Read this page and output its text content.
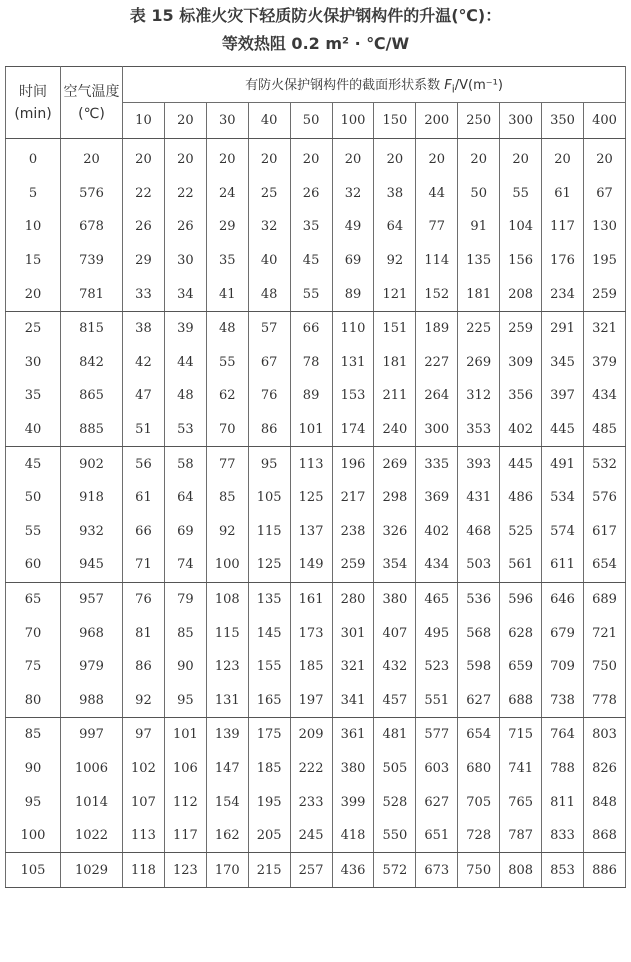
表 15 标准火灾下轻质防火保护钢构件的升温(℃)：
等效热阻 0.2 m² · ℃/W
时间(min)	空气温度(℃)	有防火保护钢构件的截面形状系数 $F_i/V(m^{-1})$											
		10	20	30	40	50	100	150	200	250	300	350	400
0	20	20	20	20	20	20	20	20	20	20	20	20	20
5	576	22	22	24	25	26	32	38	44	50	55	61	67
10	678	26	26	29	32	35	49	64	77	91	104	117	130
15	739	29	30	35	40	45	69	92	114	135	156	176	195
20	781	33	34	41	48	55	89	121	152	181	208	234	259
25	815	38	39	48	57	66	110	151	189	225	259	291	321
30	842	42	44	55	67	78	131	181	227	269	309	345	379
35	865	47	48	62	76	89	153	211	264	312	356	397	434
40	885	51	53	70	86	101	174	240	300	353	402	445	485
45	902	56	58	77	95	113	196	269	335	393	445	491	532
50	918	61	64	85	105	125	217	298	369	431	486	534	576
55	932	66	69	92	115	137	238	326	402	468	525	574	617
60	945	71	74	100	125	149	259	354	434	503	561	611	654
65	957	76	79	108	135	161	280	380	465	536	596	646	689
70	968	81	85	115	145	173	301	407	495	568	628	679	721
75	979	86	90	123	155	185	321	432	523	598	659	709	750
80	988	92	95	131	165	197	341	457	551	627	688	738	778
85	997	97	101	139	175	209	361	481	577	654	715	764	803
90	1006	102	106	147	185	222	380	505	603	680	741	788	826
95	1014	107	112	154	195	233	399	528	627	705	765	811	848
100	1022	113	117	162	205	245	418	550	651	728	787	833	868
105	1029	118	123	170	215	257	436	572	673	750	808	853	886
